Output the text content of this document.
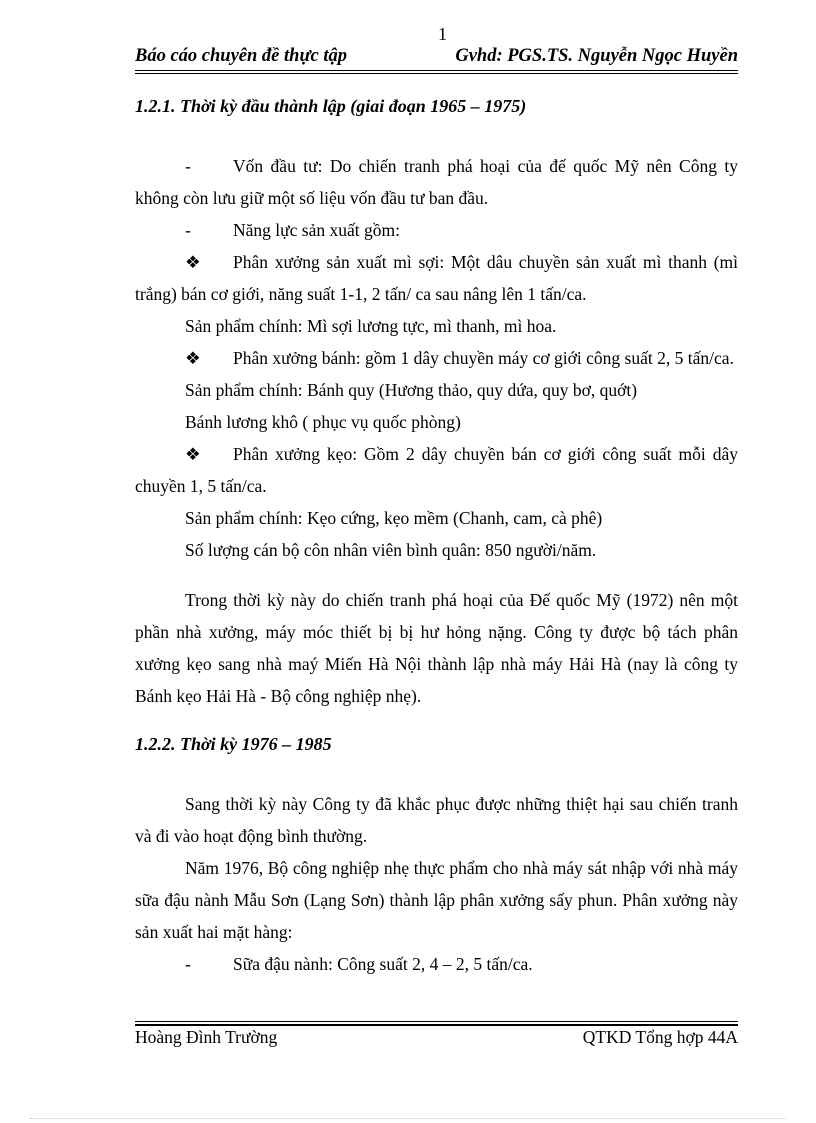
1
Báo cáo chuyên đề thực tập	Gvhd: PGS.TS. Nguyễn Ngọc Huyền
1.2.1. Thời kỳ đầu thành lập (giai đoạn 1965 – 1975)

-	Vốn đầu tư: Do chiến tranh phá hoại của đế quốc Mỹ nên Công ty không còn lưu giữ một số liệu vốn đầu tư ban đầu.

-	Năng lực sản xuất gồm:

❖	Phân xưởng sản xuất mì sợi: Một dâu chuyền sản xuất mì thanh (mì trắng) bán cơ giới, năng suất 1-1, 2 tấn/ ca sau nâng lên 1 tấn/ca.

Sản phẩm chính: Mì sợi lương tực, mì thanh, mì hoa.

❖	Phân xưởng bánh: gồm 1 dây chuyền máy cơ giới công suất 2, 5 tấn/ca.

Sản phẩm chính: Bánh quy (Hương thảo, quy dứa, quy bơ, quớt)

Bánh lương khô ( phục vụ quốc phòng)

❖	Phân xưởng kẹo: Gồm 2 dây chuyền bán cơ giới công suất mỗi dây chuyền 1, 5 tấn/ca.

Sản phẩm chính: Kẹo cứng, kẹo mềm (Chanh, cam, cà phê)

Số lượng cán bộ côn nhân viên bình quân: 850 người/năm.

Trong thời kỳ này do chiến tranh phá hoại của Đế quốc Mỹ (1972) nên một phần nhà xưởng, máy móc thiết bị bị hư hỏng nặng. Công ty được bộ tách phân xưởng kẹo sang nhà maý Miến Hà Nội thành lập nhà máy Hải Hà (nay là công ty Bánh kẹo Hải Hà - Bộ công nghiệp nhẹ).

1.2.2. Thời kỳ 1976 – 1985

Sang thời kỳ này Công ty đã khắc phục được những thiệt hại sau chiến tranh và đi vào hoạt động bình thường.

Năm 1976, Bộ công nghiệp nhẹ thực phẩm cho nhà máy sát nhập với nhà máy sữa đậu nành Mẫu Sơn (Lạng Sơn) thành lập phân xưởng sấy phun. Phân xưởng này sản xuất hai mặt hàng:

-	Sữa đậu nành: Công suất 2, 4 – 2, 5 tấn/ca.

Hoàng Đình Trường	QTKD Tổng hợp 44A
